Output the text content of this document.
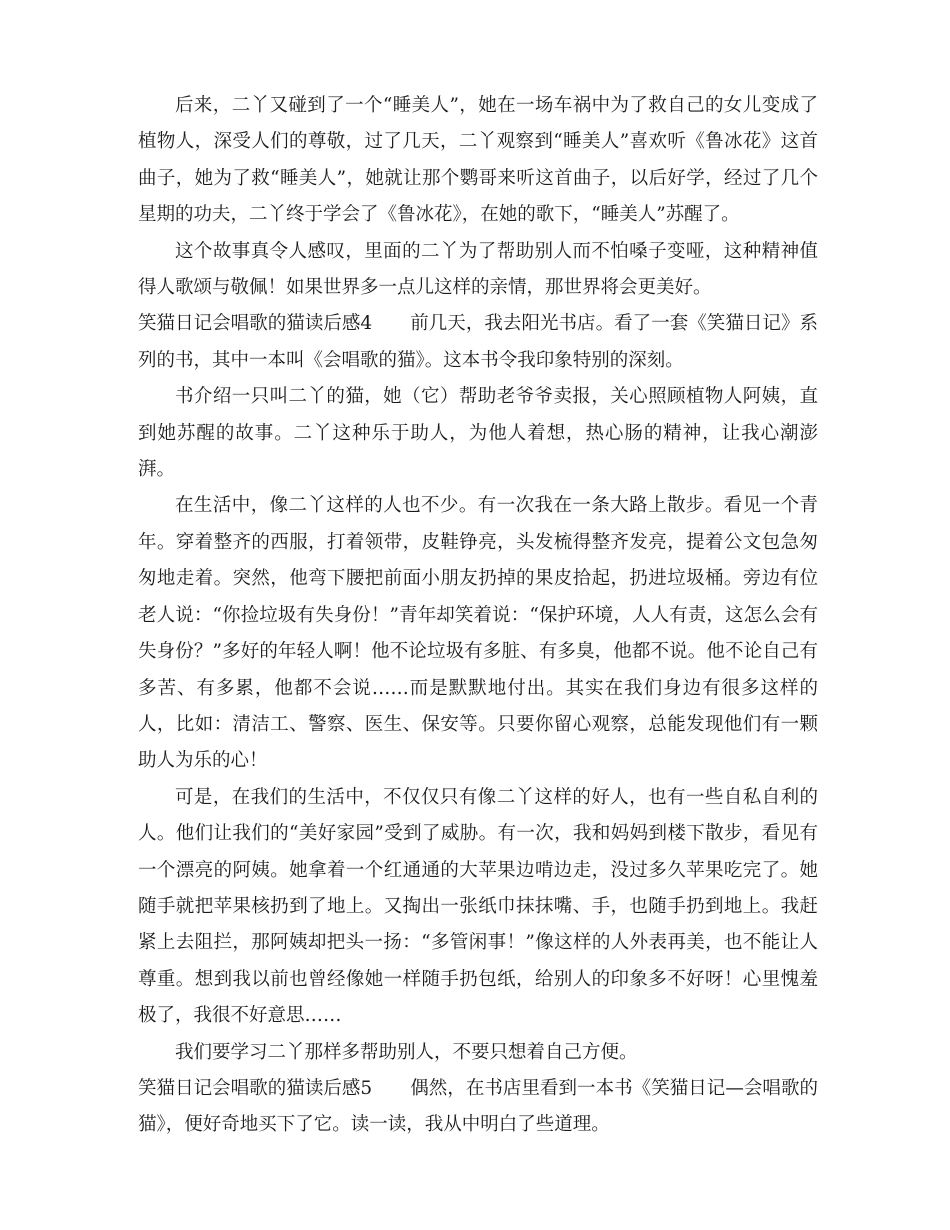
后来，二丫又碰到了一个“睡美人”，她在一场车祸中为了救自己的女儿变成了植物人，深受人们的尊敬，过了几天，二丫观察到“睡美人”喜欢听《鲁冰花》这首曲子，她为了救“睡美人”，她就让那个鹦哥来听这首曲子，以后好学，经过了几个星期的功夫，二丫终于学会了《鲁冰花》，在她的歌下，“睡美人”苏醒了。

这个故事真令人感叹，里面的二丫为了帮助别人而不怕嗓子变哑，这种精神值得人歌颂与敬佩！如果世界多一点儿这样的亲情，那世界将会更美好。

笑猫日记会唱歌的猫读后感4 前几天，我去阳光书店。看了一套《笑猫日记》系列的书，其中一本叫《会唱歌的猫》。这本书令我印象特别的深刻。

书介绍一只叫二丫的猫，她（它）帮助老爷爷卖报，关心照顾植物人阿姨，直到她苏醒的故事。二丫这种乐于助人，为他人着想，热心肠的精神，让我心潮澎湃。

在生活中，像二丫这样的人也不少。有一次我在一条大路上散步。看见一个青年。穿着整齐的西服，打着领带，皮鞋铮亮，头发梳得整齐发亮，提着公文包急匆匆地走着。突然，他弯下腰把前面小朋友扔掉的果皮拾起，扔进垃圾桶。旁边有位老人说：“你捡垃圾有失身份！”青年却笑着说：“保护环境，人人有责，这怎么会有失身份？”多好的年轻人啊！他不论垃圾有多脏、有多臭，他都不说。他不论自己有多苦、有多累，他都不会说……而是默默地付出。其实在我们身边有很多这样的人，比如：清洁工、警察、医生、保安等。只要你留心观察，总能发现他们有一颗助人为乐的心！

可是，在我们的生活中，不仅仅只有像二丫这样的好人，也有一些自私自利的人。他们让我们的“美好家园”受到了威胁。有一次，我和妈妈到楼下散步，看见有一个漂亮的阿姨。她拿着一个红通通的大苹果边啃边走，没过多久苹果吃完了。她随手就把苹果核扔到了地上。又掏出一张纸巾抹抹嘴、手，也随手扔到地上。我赶紧上去阻拦，那阿姨却把头一扬：“多管闲事！”像这样的人外表再美，也不能让人尊重。想到我以前也曾经像她一样随手扔包纸，给别人的印象多不好呀！心里愧羞极了，我很不好意思……

我们要学习二丫那样多帮助别人，不要只想着自己方便。

笑猫日记会唱歌的猫读后感5 偶然，在书店里看到一本书《笑猫日记—会唱歌的猫》，便好奇地买下了它。读一读，我从中明白了些道理。
